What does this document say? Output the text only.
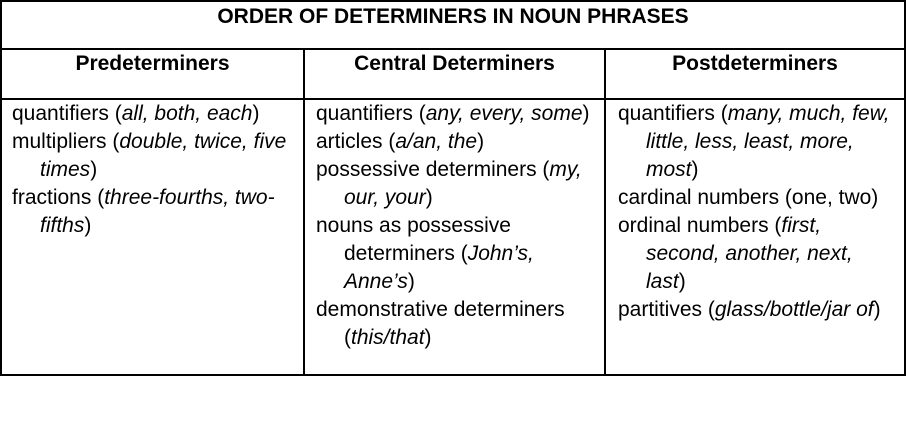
ORDER OF DETERMINERS IN NOUN PHRASES
Predeterminers	Central Determiners	Postdeterminers
quantifiers (all, both, each)
multipliers (double, twice, five times)
fractions (three-fourths, two-fifths)
quantifiers (any, every, some)
articles (a/an, the)
possessive determiners (my, our, your)
nouns as possessive determiners (John’s, Anne’s)
demonstrative determiners (this/that)
quantifiers (many, much, few, little, less, least, more, most)
cardinal numbers (one, two)
ordinal numbers (first, second, another, next, last)
partitives (glass/bottle/jar of)
